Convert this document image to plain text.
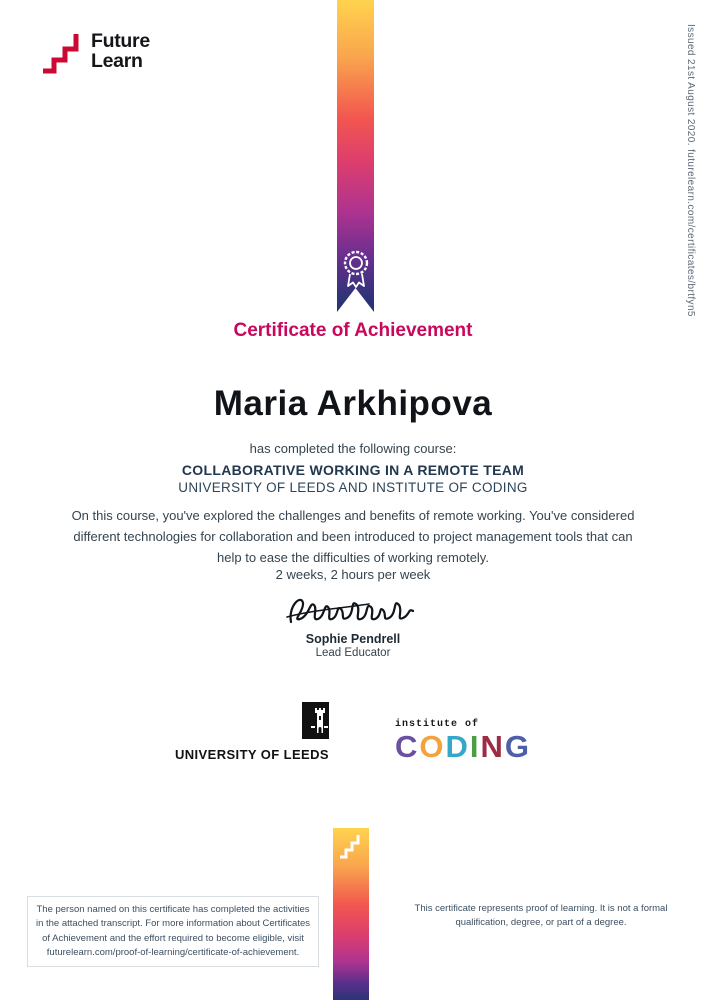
Future
Learn	Issued 21st August 2020. futurelearn.com/certificates/brtfyn5
Certificate of Achievement
Maria Arkhipova
has completed the following course:
COLLABORATIVE WORKING IN A REMOTE TEAM
UNIVERSITY OF LEEDS AND INSTITUTE OF CODING
On this course, you've explored the challenges and benefits of remote working. You've considered different technologies for collaboration and been introduced to project management tools that can help to ease the difficulties of working remotely.
2 weeks, 2 hours per week
Sophie Pendrell
Lead Educator
UNIVERSITY OF LEEDS
institute of
CODING
The person named on this certificate has completed the activities in the attached transcript. For more information about Certificates of Achievement and the effort required to become eligible, visit futurelearn.com/proof-of-learning/certificate-of-achievement.
This certificate represents proof of learning. It is not a formal qualification, degree, or part of a degree.
